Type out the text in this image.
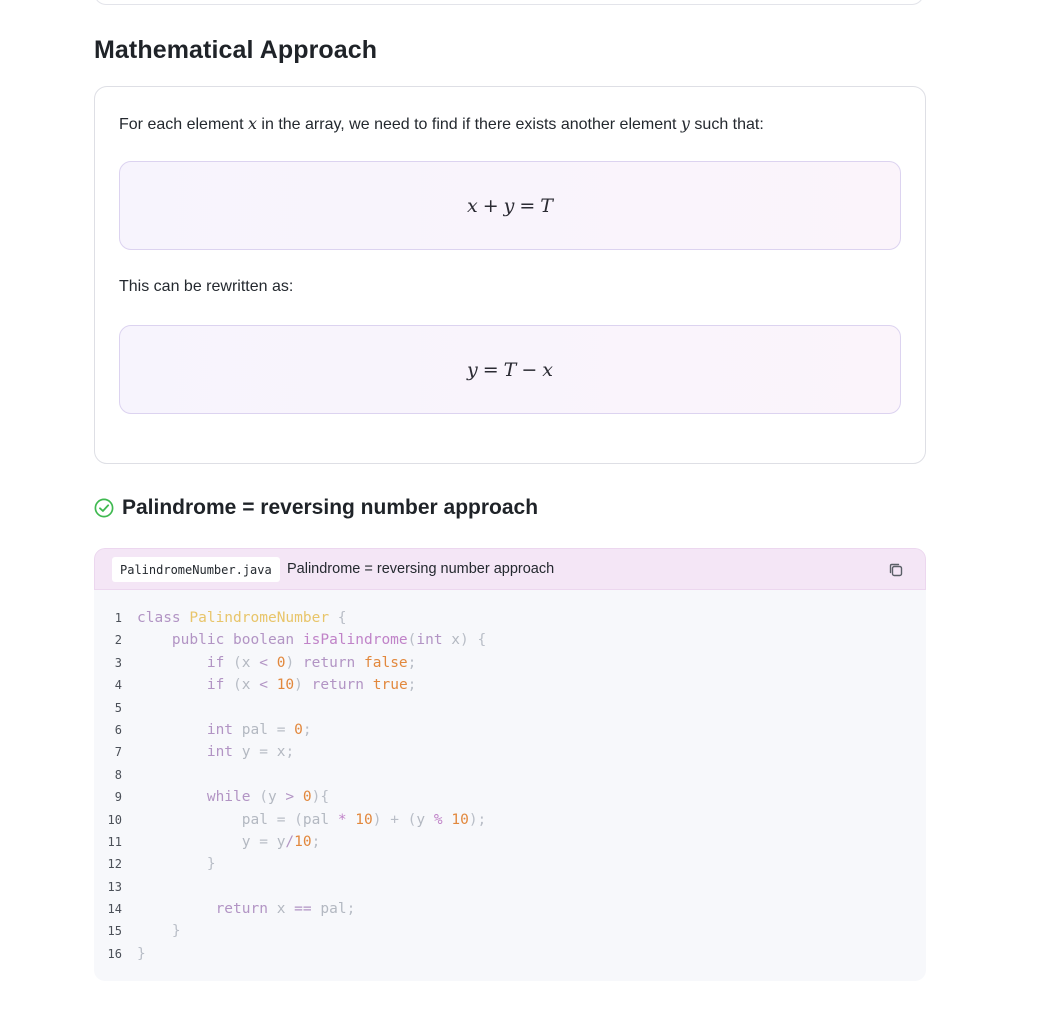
Mathematical Approach

For each element x in the array, we need to find if there exists another element y such that:

x + y = T

This can be rewritten as:

y = T − x
Palindrome = reversing number approach
PalindromeNumber.java	Palindrome = reversing number approach
1 class PalindromeNumber {
2 public boolean isPalindrome(int x) {
3 if (x < 0) return false;
4 if (x < 10) return true;
5
6 int pal = 0;
7 int y = x;
8
9 while (y > 0){
10 pal = (pal * 10) + (y % 10);
11 y = y/10;
12 }
13
14 return x == pal;
15 }
16 }
